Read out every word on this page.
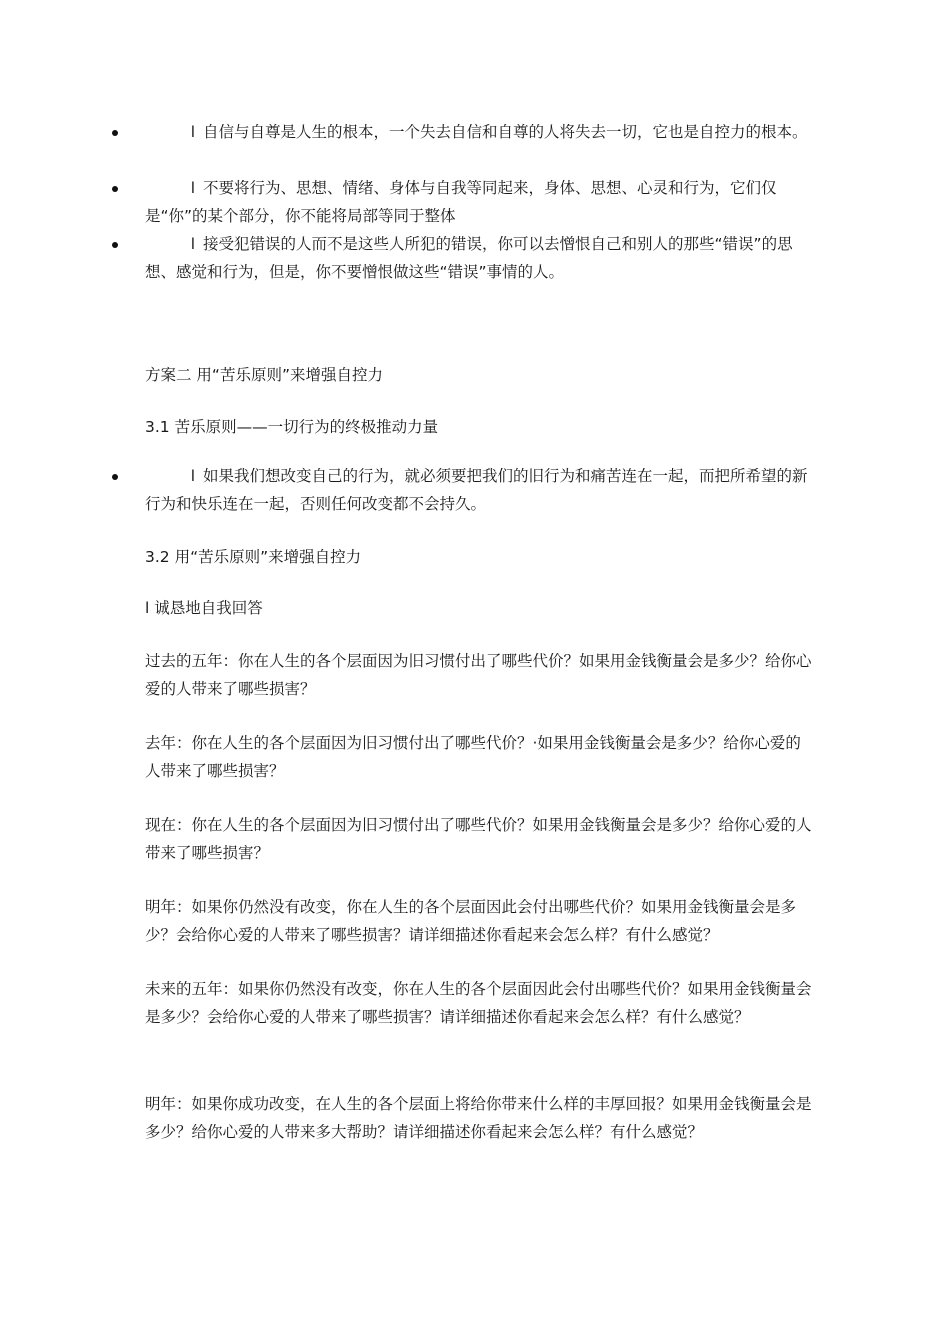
l 自信与自尊是人生的根本，一个失去自信和自尊的人将失去一切，它也是自控力的根本。
l 不要将行为、思想、情绪、身体与自我等同起来，身体、思想、心灵和行为，它们仅是“你”的某个部分，你不能将局部等同于整体
l 接受犯错误的人而不是这些人所犯的错误，你可以去憎恨自己和别人的那些“错误”的思想、感觉和行为，但是，你不要憎恨做这些“错误”事情的人。
方案二 用“苦乐原则”来增强自控力
3.1 苦乐原则——一切行为的终极推动力量
l 如果我们想改变自己的行为，就必须要把我们的旧行为和痛苦连在一起，而把所希望的新行为和快乐连在一起，否则任何改变都不会持久。
3.2 用“苦乐原则”来增强自控力
l 诚恳地自我回答
过去的五年：你在人生的各个层面因为旧习惯付出了哪些代价？如果用金钱衡量会是多少？给你心爱的人带来了哪些损害？
去年：你在人生的各个层面因为旧习惯付出了哪些代价？·如果用金钱衡量会是多少？给你心爱的人带来了哪些损害？
现在：你在人生的各个层面因为旧习惯付出了哪些代价？如果用金钱衡量会是多少？给你心爱的人带来了哪些损害？
明年：如果你仍然没有改变，你在人生的各个层面因此会付出哪些代价？如果用金钱衡量会是多少？会给你心爱的人带来了哪些损害？请详细描述你看起来会怎么样？有什么感觉？
未来的五年：如果你仍然没有改变，你在人生的各个层面因此会付出哪些代价？如果用金钱衡量会是多少？会给你心爱的人带来了哪些损害？请详细描述你看起来会怎么样？有什么感觉？
明年：如果你成功改变，在人生的各个层面上将给你带来什么样的丰厚回报？如果用金钱衡量会是多少？给你心爱的人带来多大帮助？请详细描述你看起来会怎么样？有什么感觉？
